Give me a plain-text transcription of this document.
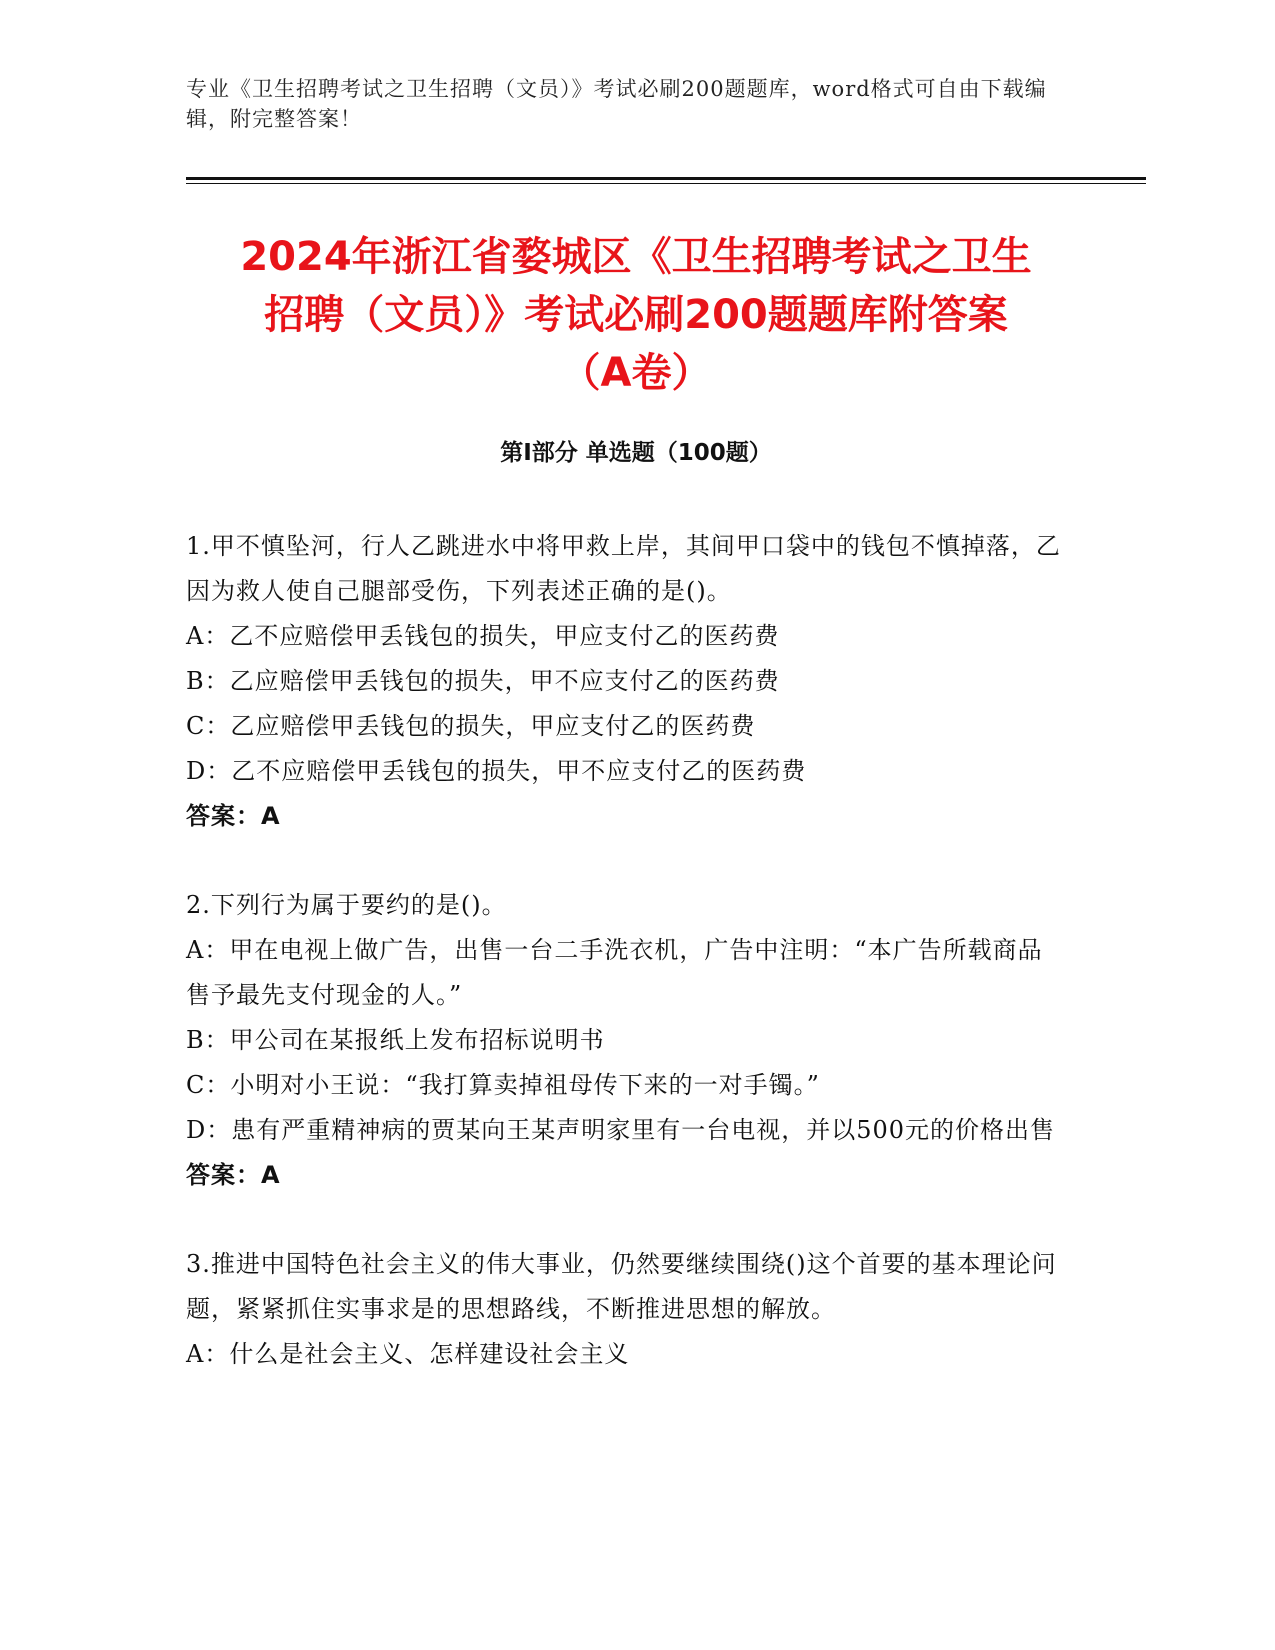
专业《卫生招聘考试之卫生招聘（文员）》考试必刷200题题库，word格式可自由下载编辑，附完整答案！
2024年浙江省婺城区《卫生招聘考试之卫生
招聘（文员）》考试必刷200题题库附答案
（A卷）
第I部分 单选题（100题）
1.甲不慎坠河，行人乙跳进水中将甲救上岸，其间甲口袋中的钱包不慎掉落，乙因为救人使自己腿部受伤，下列表述正确的是()。
A：乙不应赔偿甲丢钱包的损失，甲应支付乙的医药费
B：乙应赔偿甲丢钱包的损失，甲不应支付乙的医药费
C：乙应赔偿甲丢钱包的损失，甲应支付乙的医药费
D：乙不应赔偿甲丢钱包的损失，甲不应支付乙的医药费
答案：A
2.下列行为属于要约的是()。
A：甲在电视上做广告，出售一台二手洗衣机，广告中注明：“本广告所载商品售予最先支付现金的人。”
B：甲公司在某报纸上发布招标说明书
C：小明对小王说：“我打算卖掉祖母传下来的一对手镯。”
D：患有严重精神病的贾某向王某声明家里有一台电视，并以500元的价格出售
答案：A
3.推进中国特色社会主义的伟大事业，仍然要继续围绕()这个首要的基本理论问题，紧紧抓住实事求是的思想路线，不断推进思想的解放。
A：什么是社会主义、怎样建设社会主义
